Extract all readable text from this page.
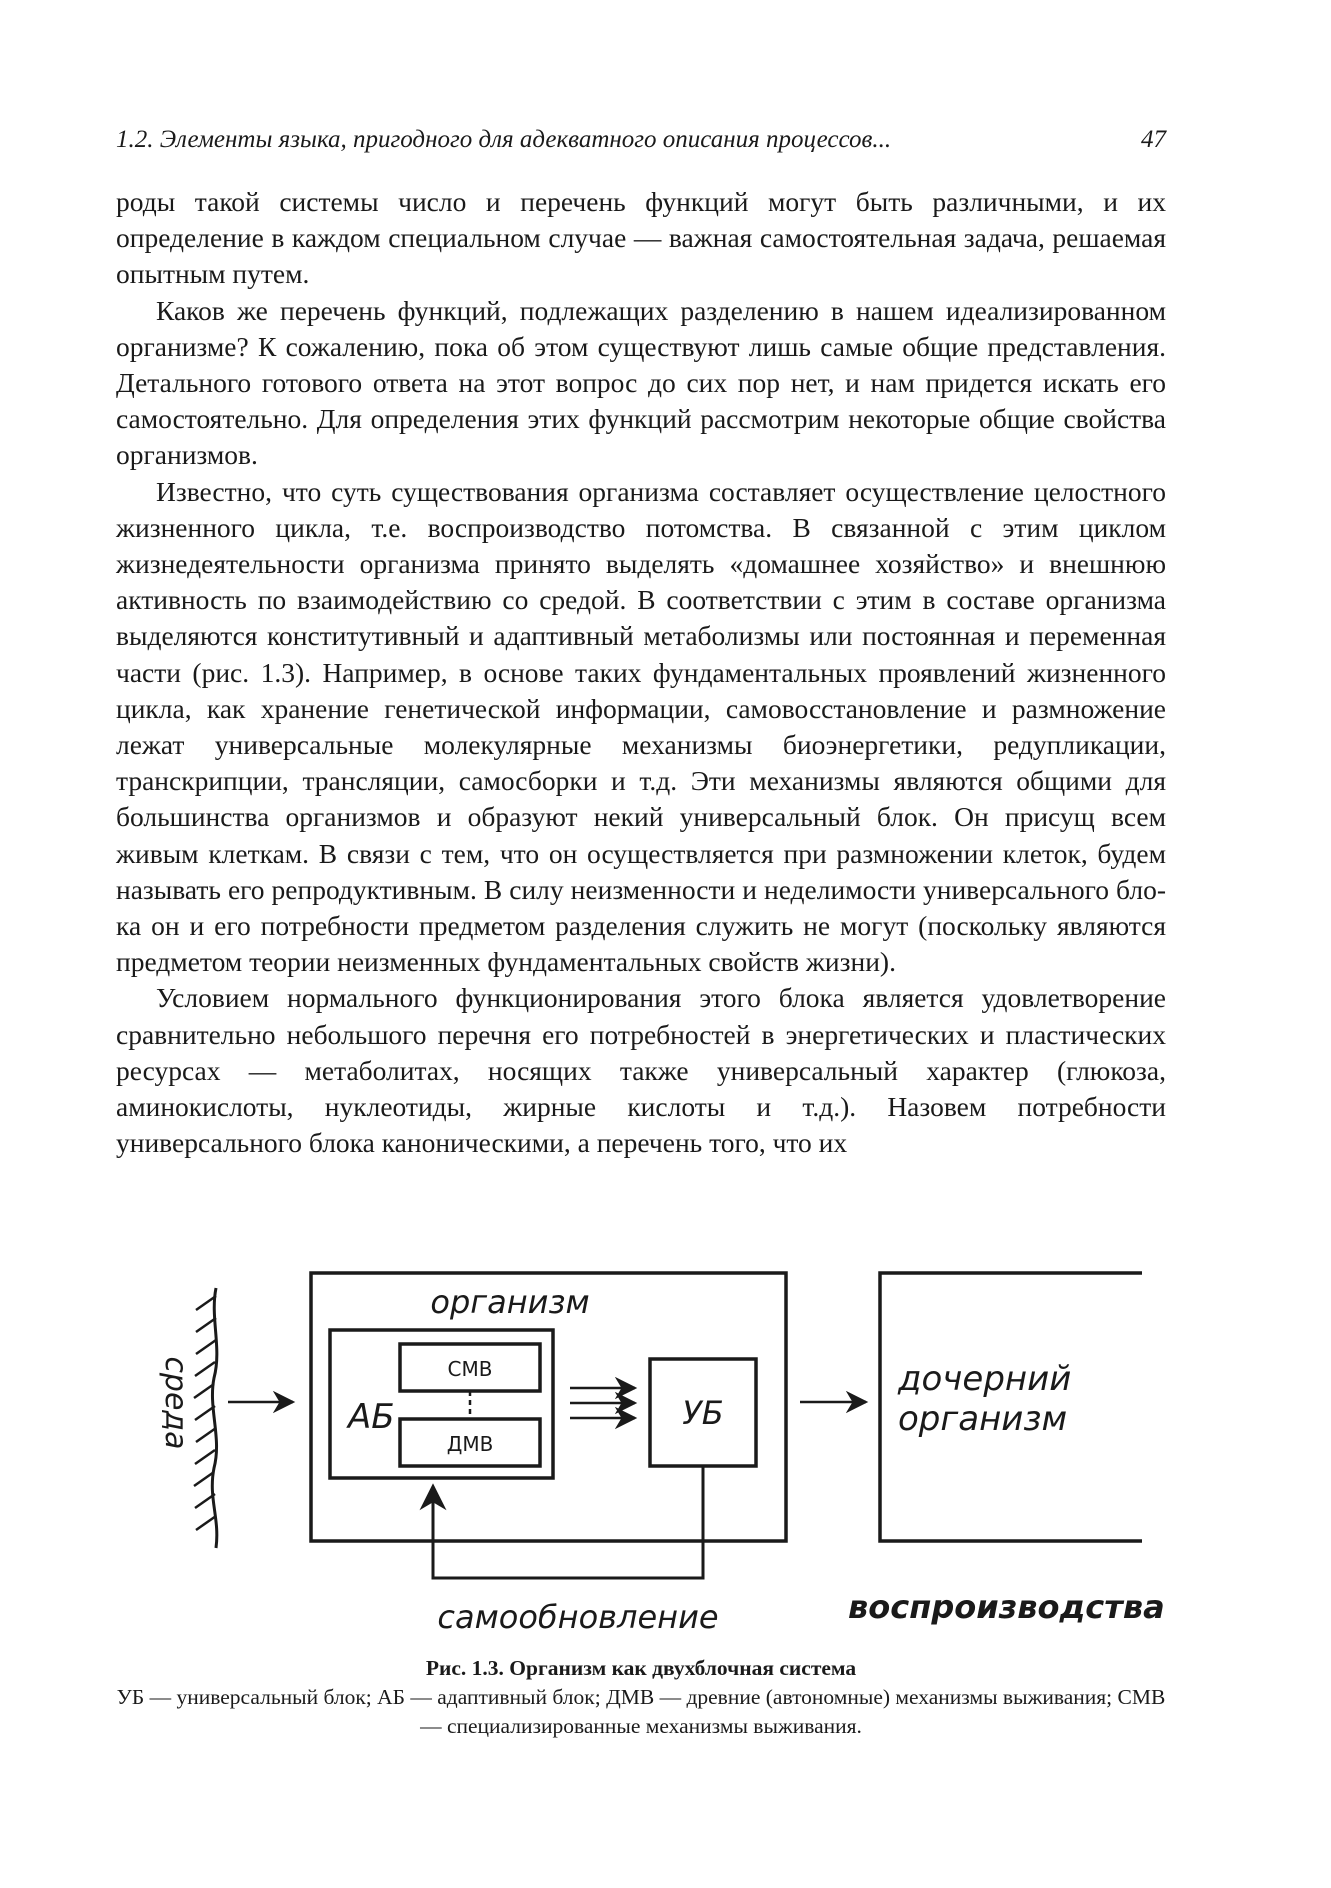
1.2. Элементы языка, пригодного для адекватного описания процессов...	47

роды такой системы число и перечень функций могут быть различными, и их определение в каждом специальном случае — важная самостоятельная задача, решаемая опытным путем.

Каков же перечень функций, подлежащих разделению в нашем идеализированном организме? К сожалению, пока об этом существуют лишь самые общие представления. Детального готового ответа на этот вопрос до сих пор нет, и нам придется искать его самостоятельно. Для определения этих функций рассмотрим некоторые общие свойства организмов.

Известно, что суть существования организма составляет осуществление целостного жизненного цикла, т.е. воспроизводство потомства. В связанной с этим циклом жизнедеятельности организма принято выделять «домашнее хозяйство» и внешнюю активность по взаимодействию со средой. В соответствии с этим в составе организма выделяются конститутивный и адаптивный метаболизмы или постоянная и переменная части (рис. 1.3). Например, в основе таких фундаментальных проявлений жизненного цикла, как хранение генетической информации, самовосстановление и размножение лежат универсальные молекулярные механизмы биоэнергетики, редупликации, транскрипции, трансляции, самосборки и т.д. Эти механизмы являются общими для большинства организмов и образуют некий универсальный блок. Он присущ всем живым клеткам. В связи с тем, что он осуществляется при размножении клеток, будем называть его репродуктивным. В силу неизменности и неделимости универсального блока он и его потребности предметом разделения служить не могут (поскольку являются предметом теории неизменных фундаментальных свойств жизни).

Условием нормального функционирования этого блока является удовлетворение сравнительно небольшого перечня его потребностей в энергетических и пластических ресурсах — метаболитах, носящих также универсальный характер (глюкоза, аминокислоты, нуклеотиды, жирные кислоты и т.д.). Назовем потребности универсального блока каноническими, а перечень того, что их

среда
организм
АБ
СМВ
ДМВ
УБ
самообновление
дочерний
организм
воспроизводства
Рис. 1.3. Организм как двухблочная система
УБ — универсальный блок; АБ — адаптивный блок; ДМВ — древние (автономные) механизмы выживания; СМВ — специализированные механизмы выживания.
